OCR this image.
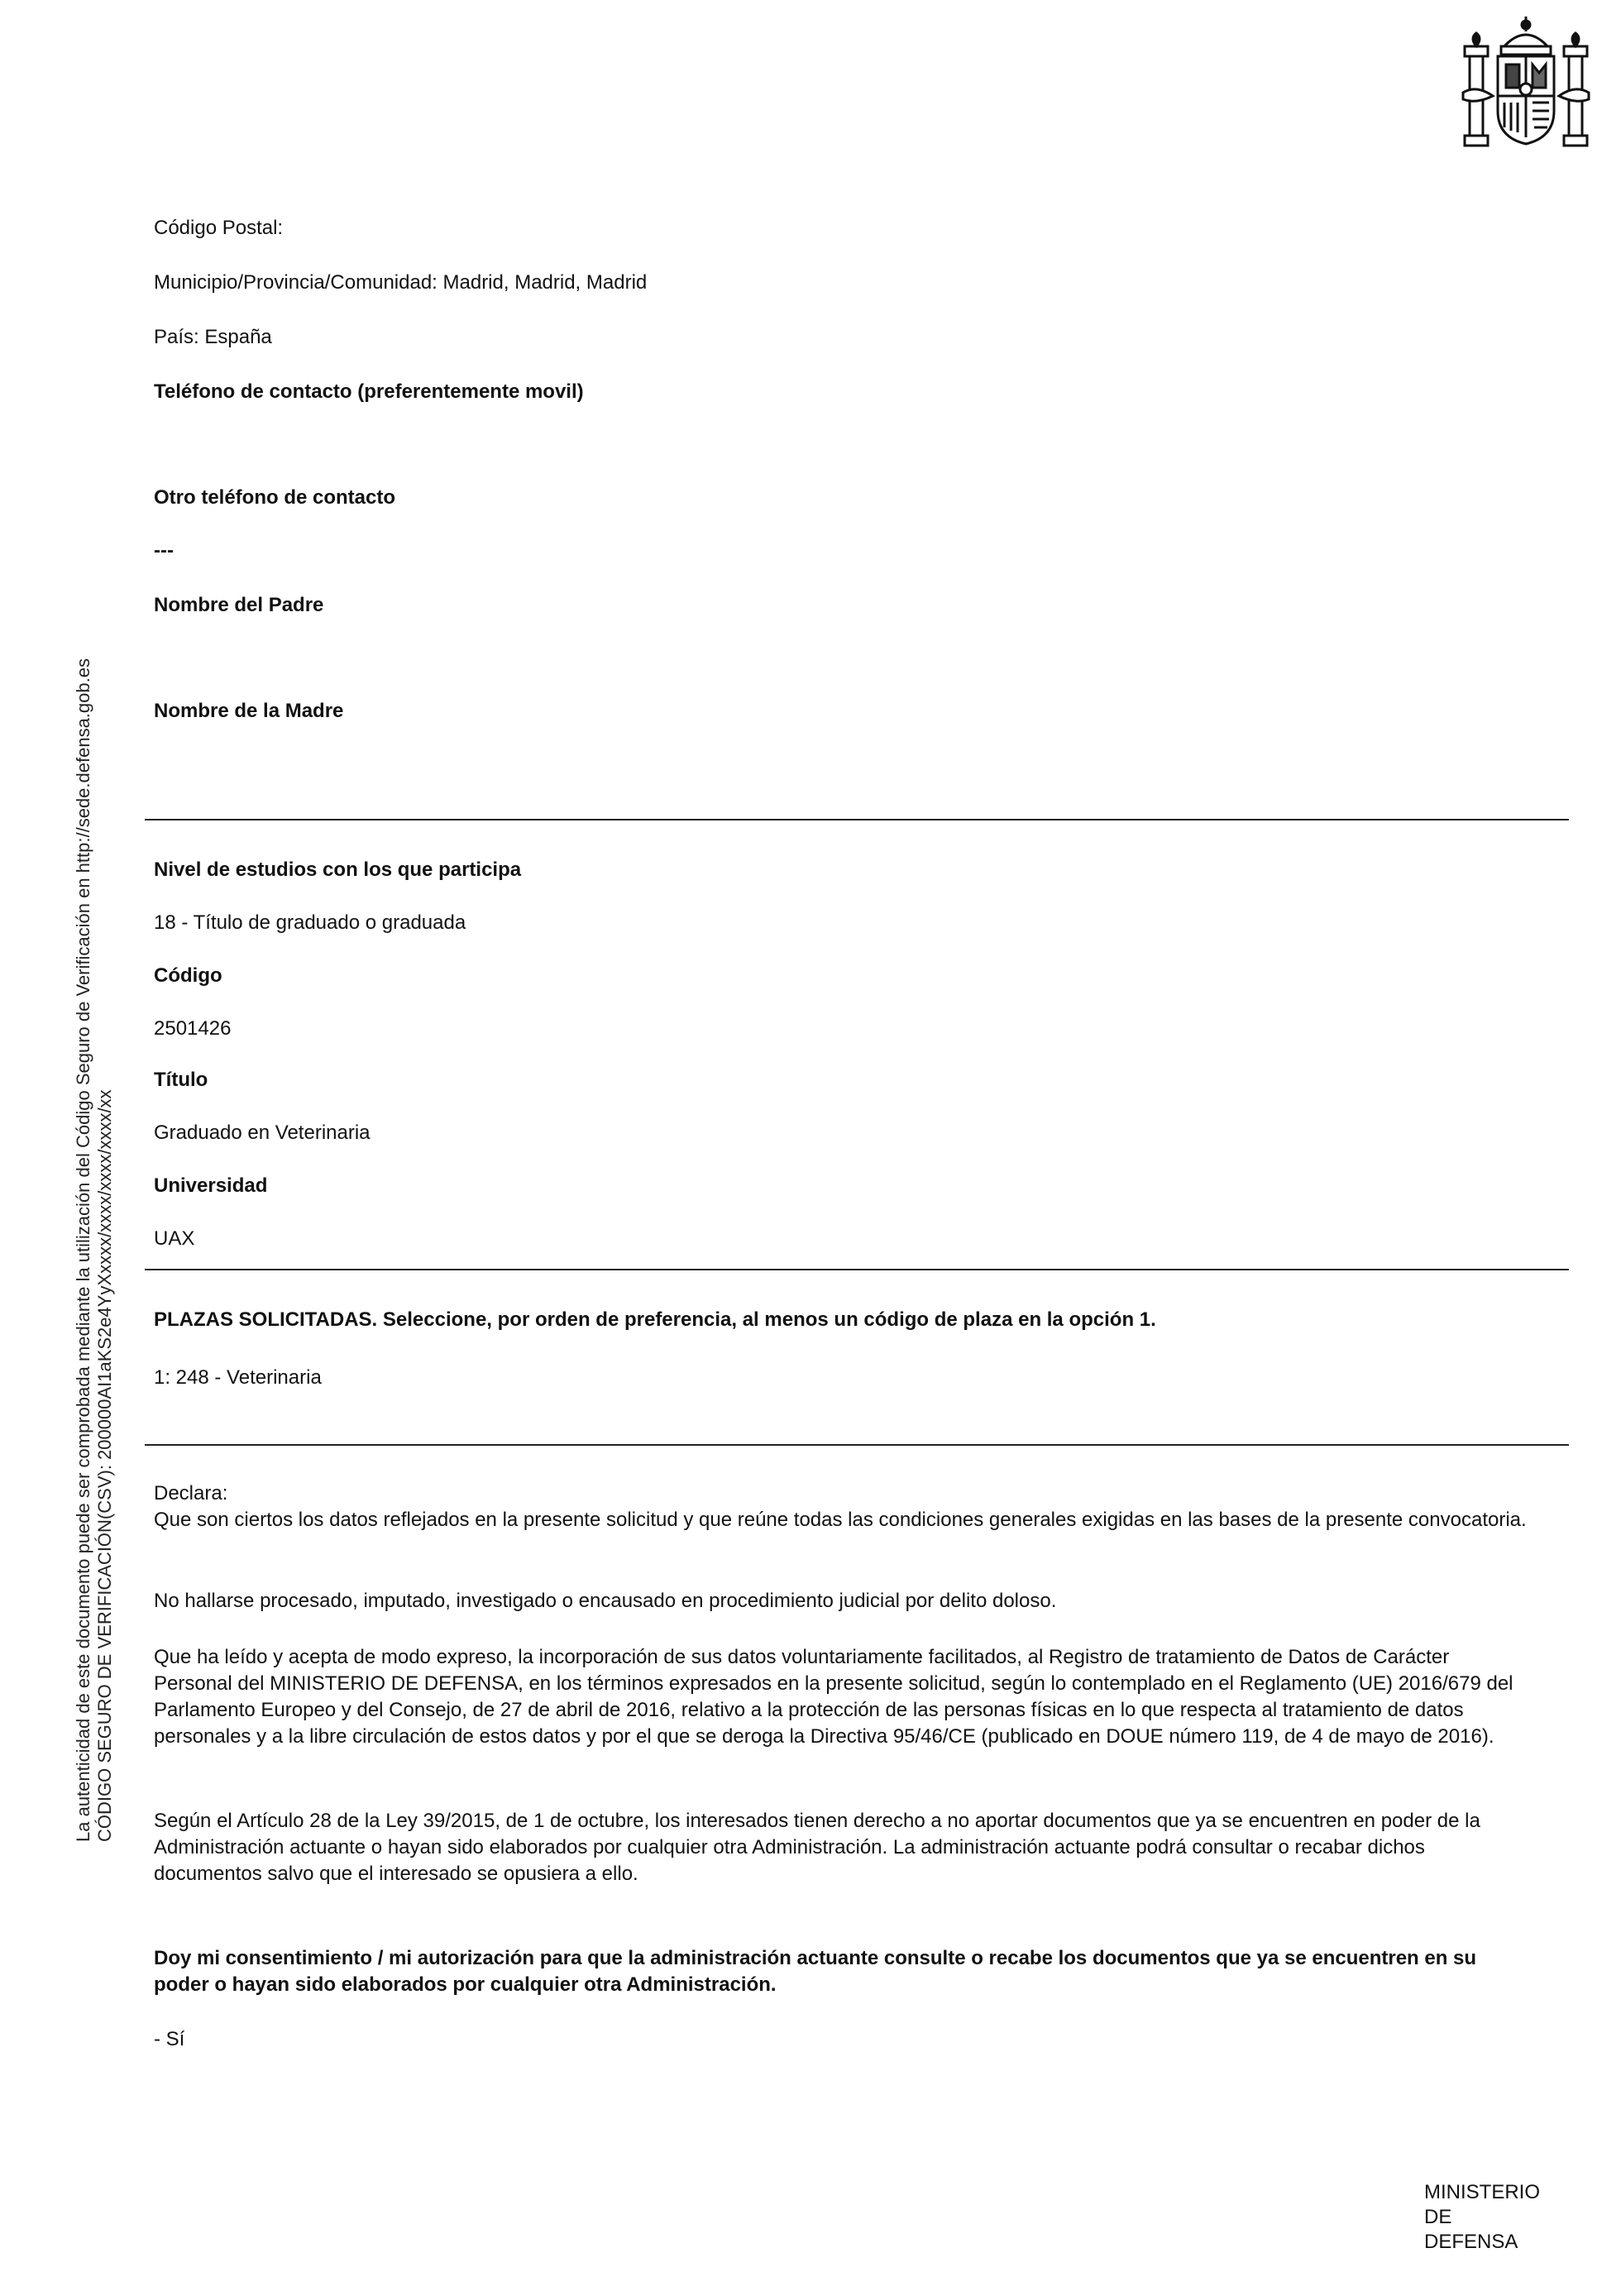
La autenticidad de este documento puede ser comprobada mediante la utilización del Código Seguro de Verificación en http://sede.defensa.gob.es CÓDIGO SEGURO DE VERIFICACIÓN(CSV): 200000AI1aKS2e4YyXxxxx/xxxx/xxxx/xxxx/xx
Código Postal:
Municipio/Provincia/Comunidad: Madrid, Madrid, Madrid
País: España
Teléfono de contacto (preferentemente movil)
Otro teléfono de contacto
---
Nombre del Padre
Nombre de la Madre
Nivel de estudios con los que participa
18 - Título de graduado o graduada
Código
2501426
Título
Graduado en Veterinaria
Universidad
UAX
PLAZAS SOLICITADAS. Seleccione, por orden de preferencia, al menos un código de plaza en la opción 1.
1: 248 - Veterinaria
Declara:
Que son ciertos los datos reflejados en la presente solicitud y que reúne todas las condiciones generales exigidas en las bases de la presente convocatoria.
No hallarse procesado, imputado, investigado o encausado en procedimiento judicial por delito doloso.
Que ha leído y acepta de modo expreso, la incorporación de sus datos voluntariamente facilitados, al Registro de tratamiento de Datos de Carácter Personal del MINISTERIO DE DEFENSA, en los términos expresados en la presente solicitud, según lo contemplado en el Reglamento (UE) 2016/679 del Parlamento Europeo y del Consejo, de 27 de abril de 2016, relativo a la protección de las personas físicas en lo que respecta al tratamiento de datos personales y a la libre circulación de estos datos y por el que se deroga la Directiva 95/46/CE (publicado en DOUE número 119, de 4 de mayo de 2016).
Según el Artículo 28 de la Ley 39/2015, de 1 de octubre, los interesados tienen derecho a no aportar documentos que ya se encuentren en poder de la Administración actuante o hayan sido elaborados por cualquier otra Administración. La administración actuante podrá consultar o recabar dichos documentos salvo que el interesado se opusiera a ello.
Doy mi consentimiento / mi autorización para que la administración actuante consulte o recabe los documentos que ya se encuentren en su poder o hayan sido elaborados por cualquier otra Administración.
- Sí
MINISTERIO
DE
DEFENSA
